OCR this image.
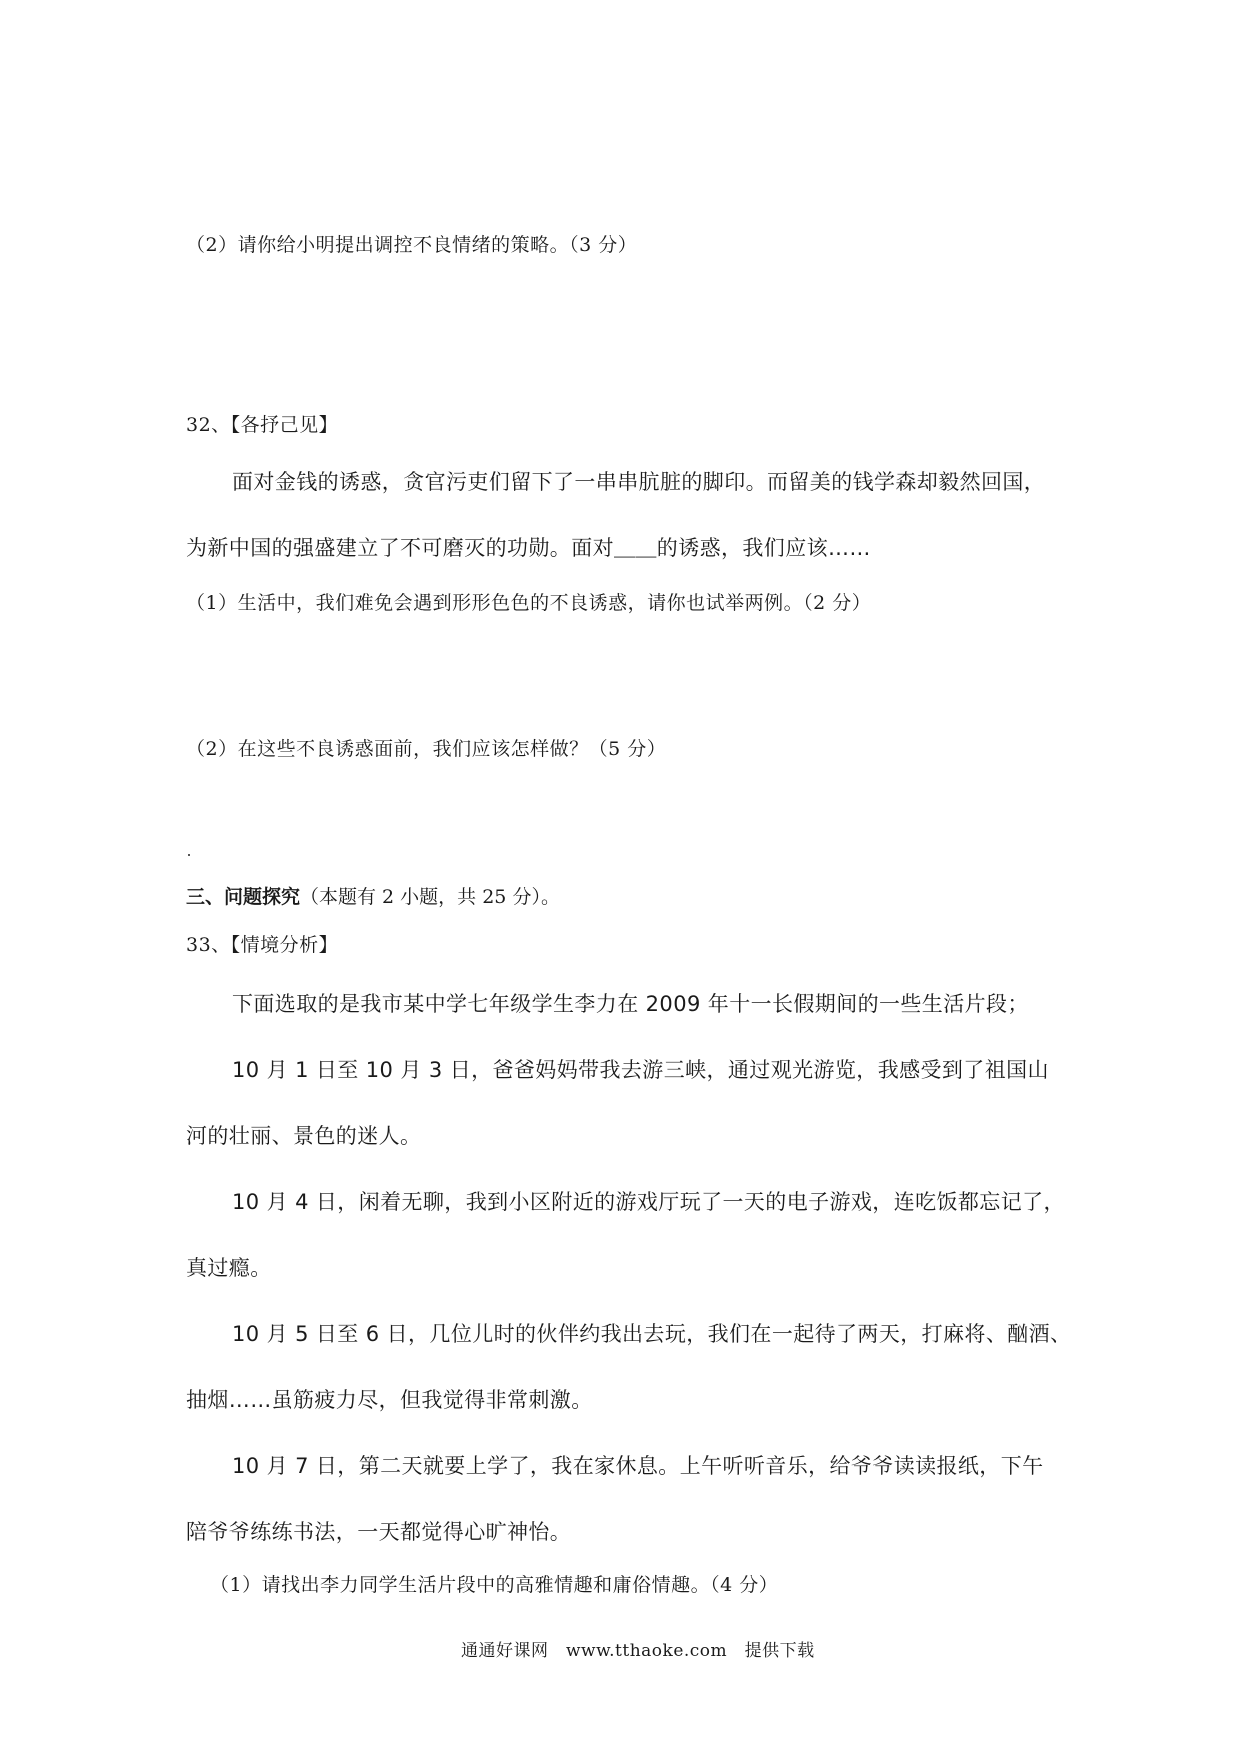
（2）请你给小明提出调控不良情绪的策略。（3 分）

32、【各抒己见】

面对金钱的诱惑，贪官污吏们留下了一串串肮脏的脚印。而留美的钱学森却毅然回国，

为新中国的强盛建立了不可磨灭的功勋。面对＿＿的诱惑，我们应该……

（1）生活中，我们难免会遇到形形色色的不良诱惑，请你也试举两例。（2 分）

（2）在这些不良诱惑面前，我们应该怎样做？（5 分）

三、问题探究（本题有 2 小题，共 25 分）。

33、【情境分析】

下面选取的是我市某中学七年级学生李力在 2009 年十一长假期间的一些生活片段；

10 月 1 日至 10 月 3 日，爸爸妈妈带我去游三峡，通过观光游览，我感受到了祖国山

河的壮丽、景色的迷人。

10 月 4 日，闲着无聊，我到小区附近的游戏厅玩了一天的电子游戏，连吃饭都忘记了，

真过瘾。

10 月 5 日至 6 日，几位儿时的伙伴约我出去玩，我们在一起待了两天，打麻将、酗酒、

抽烟……虽筋疲力尽，但我觉得非常刺激。

10 月 7 日，第二天就要上学了，我在家休息。上午听听音乐，给爷爷读读报纸，下午

陪爷爷练练书法，一天都觉得心旷神怡。

（1）请找出李力同学生活片段中的高雅情趣和庸俗情趣。（4 分）

通通好课网　www.tthaoke.com　提供下载
